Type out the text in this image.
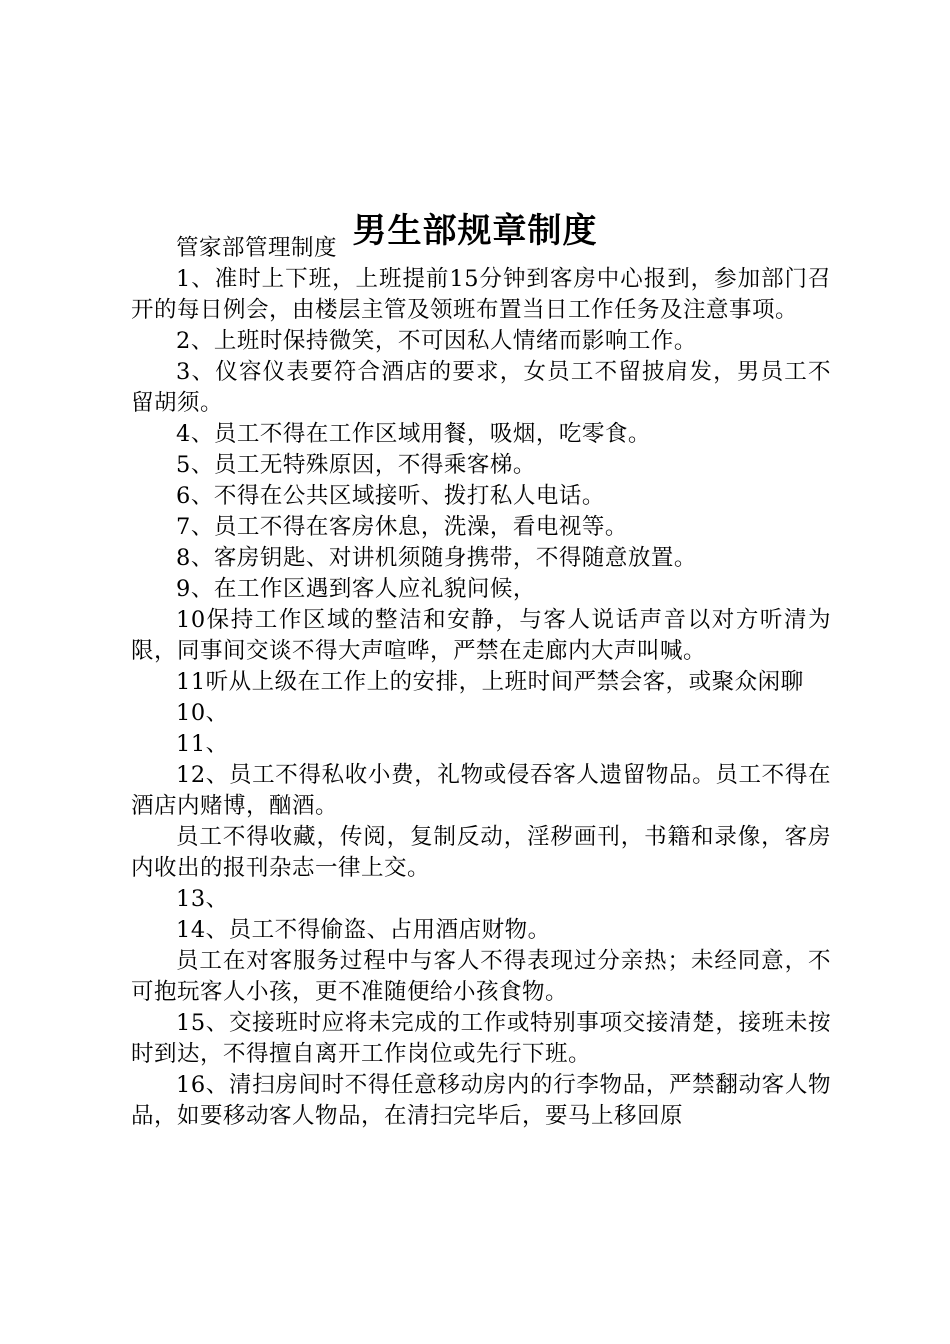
男生部规章制度

管家部管理制度

1、准时上下班，上班提前15分钟到客房中心报到，参加部门召开的每日例会，由楼层主管及领班布置当日工作任务及注意事项。

2、上班时保持微笑，不可因私人情绪而影响工作。

3、仪容仪表要符合酒店的要求，女员工不留披肩发，男员工不留胡须。

4、员工不得在工作区域用餐，吸烟，吃零食。

5、员工无特殊原因，不得乘客梯。

6、不得在公共区域接听、拨打私人电话。

7、员工不得在客房休息，洗澡，看电视等。

8、客房钥匙、对讲机须随身携带，不得随意放置。

9、在工作区遇到客人应礼貌问候，

10保持工作区域的整洁和安静，与客人说话声音以对方听清为限，同事间交谈不得大声喧哗，严禁在走廊内大声叫喊。

11听从上级在工作上的安排，上班时间严禁会客，或聚众闲聊

10、

11、

12、员工不得私收小费，礼物或侵吞客人遗留物品。员工不得在酒店内赌博，酗酒。

员工不得收藏，传阅，复制反动，淫秽画刊，书籍和录像，客房内收出的报刊杂志一律上交。

13、

14、员工不得偷盗、占用酒店财物。

员工在对客服务过程中与客人不得表现过分亲热；未经同意，不可抱玩客人小孩，更不准随便给小孩食物。

15、交接班时应将未完成的工作或特别事项交接清楚，接班未按时到达，不得擅自离开工作岗位或先行下班。

16、清扫房间时不得任意移动房内的行李物品，严禁翻动客人物品，如要移动客人物品，在清扫完毕后，要马上移回原
